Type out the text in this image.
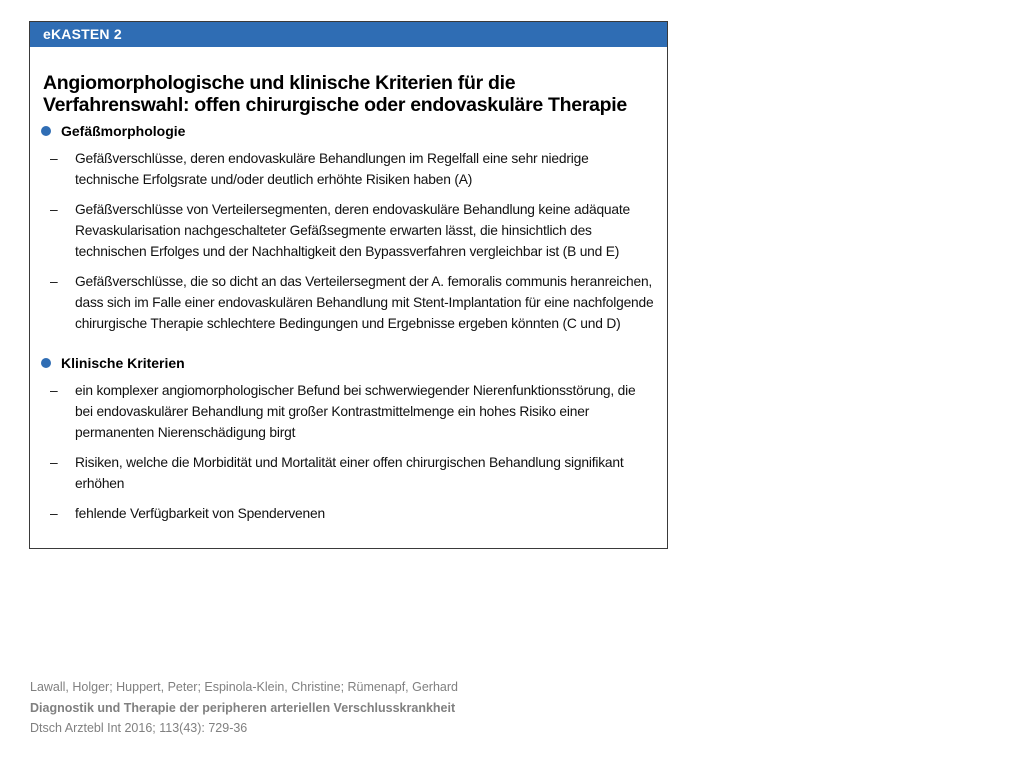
eKASTEN 2
Angiomorphologische und klinische Kriterien für die
Verfahrenswahl: offen chirurgische oder endovaskuläre Therapie
Gefäßmorphologie
–	Gefäßverschlüsse, deren endovaskuläre Behandlungen im Regelfall eine sehr niedrige technische Erfolgsrate und/oder deutlich erhöhte Risiken haben (A)
–	Gefäßverschlüsse von Verteilersegmenten, deren endovaskuläre Behandlung keine adäquate Revaskularisation nachgeschalteter Gefäßsegmente erwarten lässt, die hinsichtlich des technischen Erfolges und der Nachhaltigkeit den Bypassverfahren vergleichbar ist (B und E)
–	Gefäßverschlüsse, die so dicht an das Verteilersegment der A. femoralis communis heranreichen, dass sich im Falle einer endovaskulären Behandlung mit Stent-Implantation für eine nachfolgende chirurgische Therapie schlechtere Bedingungen und Ergebnisse ergeben könnten (C und D)
Klinische Kriterien
–	ein komplexer angiomorphologischer Befund bei schwerwiegender Nierenfunktionsstörung, die bei endovaskulärer Behandlung mit großer Kontrastmittelmenge ein hohes Risiko einer permanenten Nierenschädigung birgt
–	Risiken, welche die Morbidität und Mortalität einer offen chirurgischen Behandlung signifikant erhöhen
–	fehlende Verfügbarkeit von Spendervenen
Lawall, Holger; Huppert, Peter; Espinola-Klein, Christine; Rümenapf, Gerhard
Diagnostik und Therapie der peripheren arteriellen Verschlusskrankheit
Dtsch Arztebl Int 2016; 113(43): 729-36
